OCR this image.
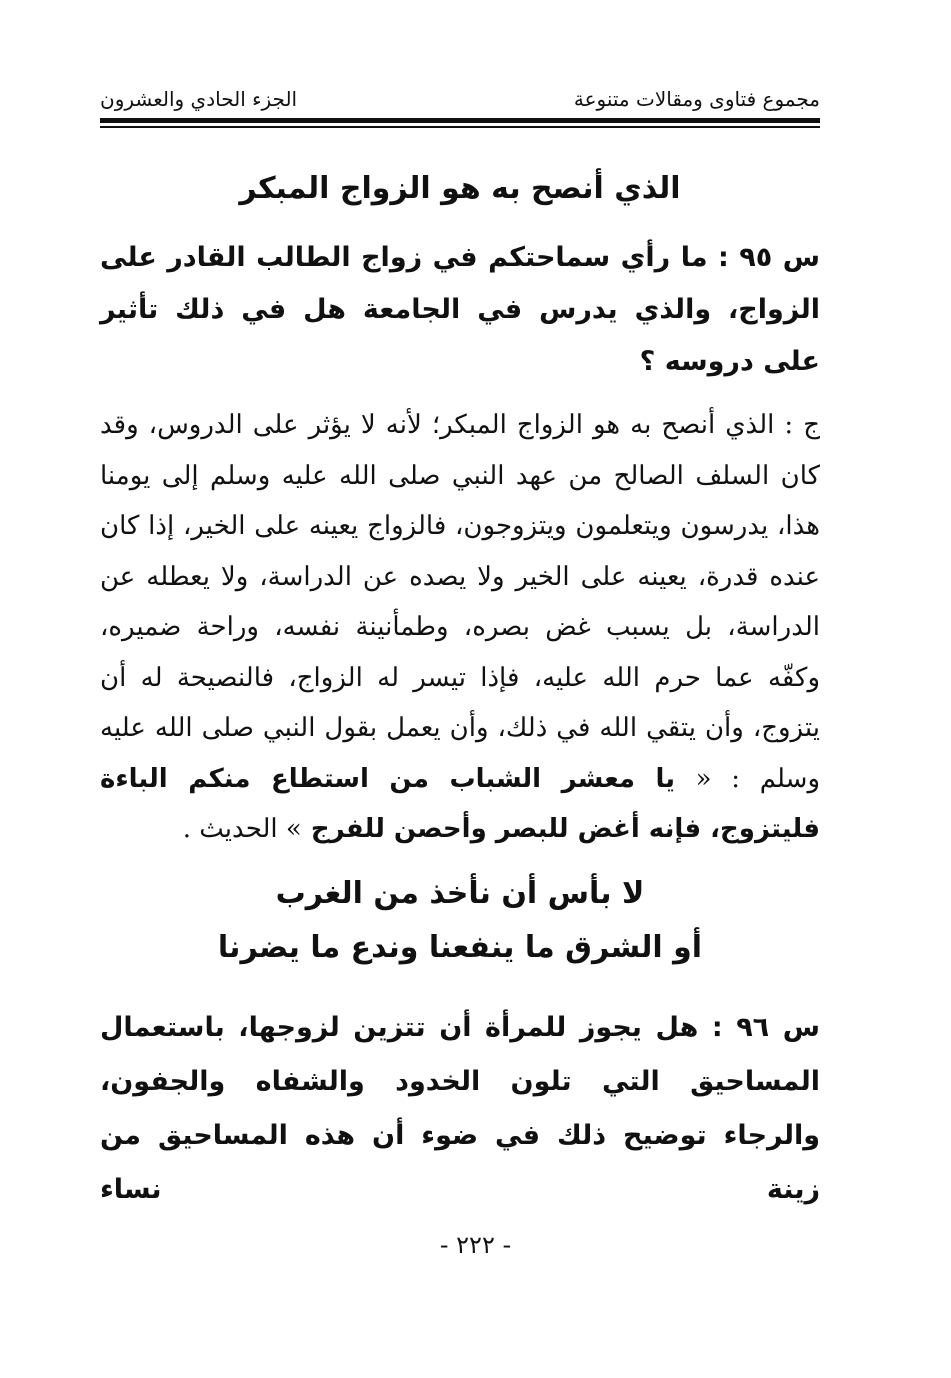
مجموع فتاوى ومقالات متنوعة
الجزء الحادي والعشرون
الذي أنصح به هو الزواج المبكر

س ٩٥ : ما رأي سماحتكم في زواج الطالب القادر على الزواج، والذي يدرس في الجامعة هل في ذلك تأثير على دروسه ؟

ج : الذي أنصح به هو الزواج المبكر؛ لأنه لا يؤثر على الدروس، وقد كان السلف الصالح من عهد النبي صلى الله عليه وسلم إلى يومنا هذا، يدرسون ويتعلمون ويتزوجون، فالزواج يعينه على الخير، إذا كان عنده قدرة، يعينه على الخير ولا يصده عن الدراسة، ولا يعطله عن الدراسة، بل يسبب غض بصره، وطمأنينة نفسه، وراحة ضميره، وكفّه عما حرم الله عليه، فإذا تيسر له الزواج، فالنصيحة له أن يتزوج، وأن يتقي الله في ذلك، وأن يعمل بقول النبي صلى الله عليه وسلم : « يا معشر الشباب من استطاع منكم الباءة فليتزوج، فإنه أغض للبصر وأحصن للفرج » الحديث .

لا بأس أن نأخذ من الغرب
أو الشرق ما ينفعنا وندع ما يضرنا

س ٩٦ : هل يجوز للمرأة أن تتزين لزوجها، باستعمال المساحيق التي تلون الخدود والشفاه والجفون، والرجاء توضيح ذلك في ضوء أن هذه المساحيق من زينة نساء

- ٢٢٢ -
